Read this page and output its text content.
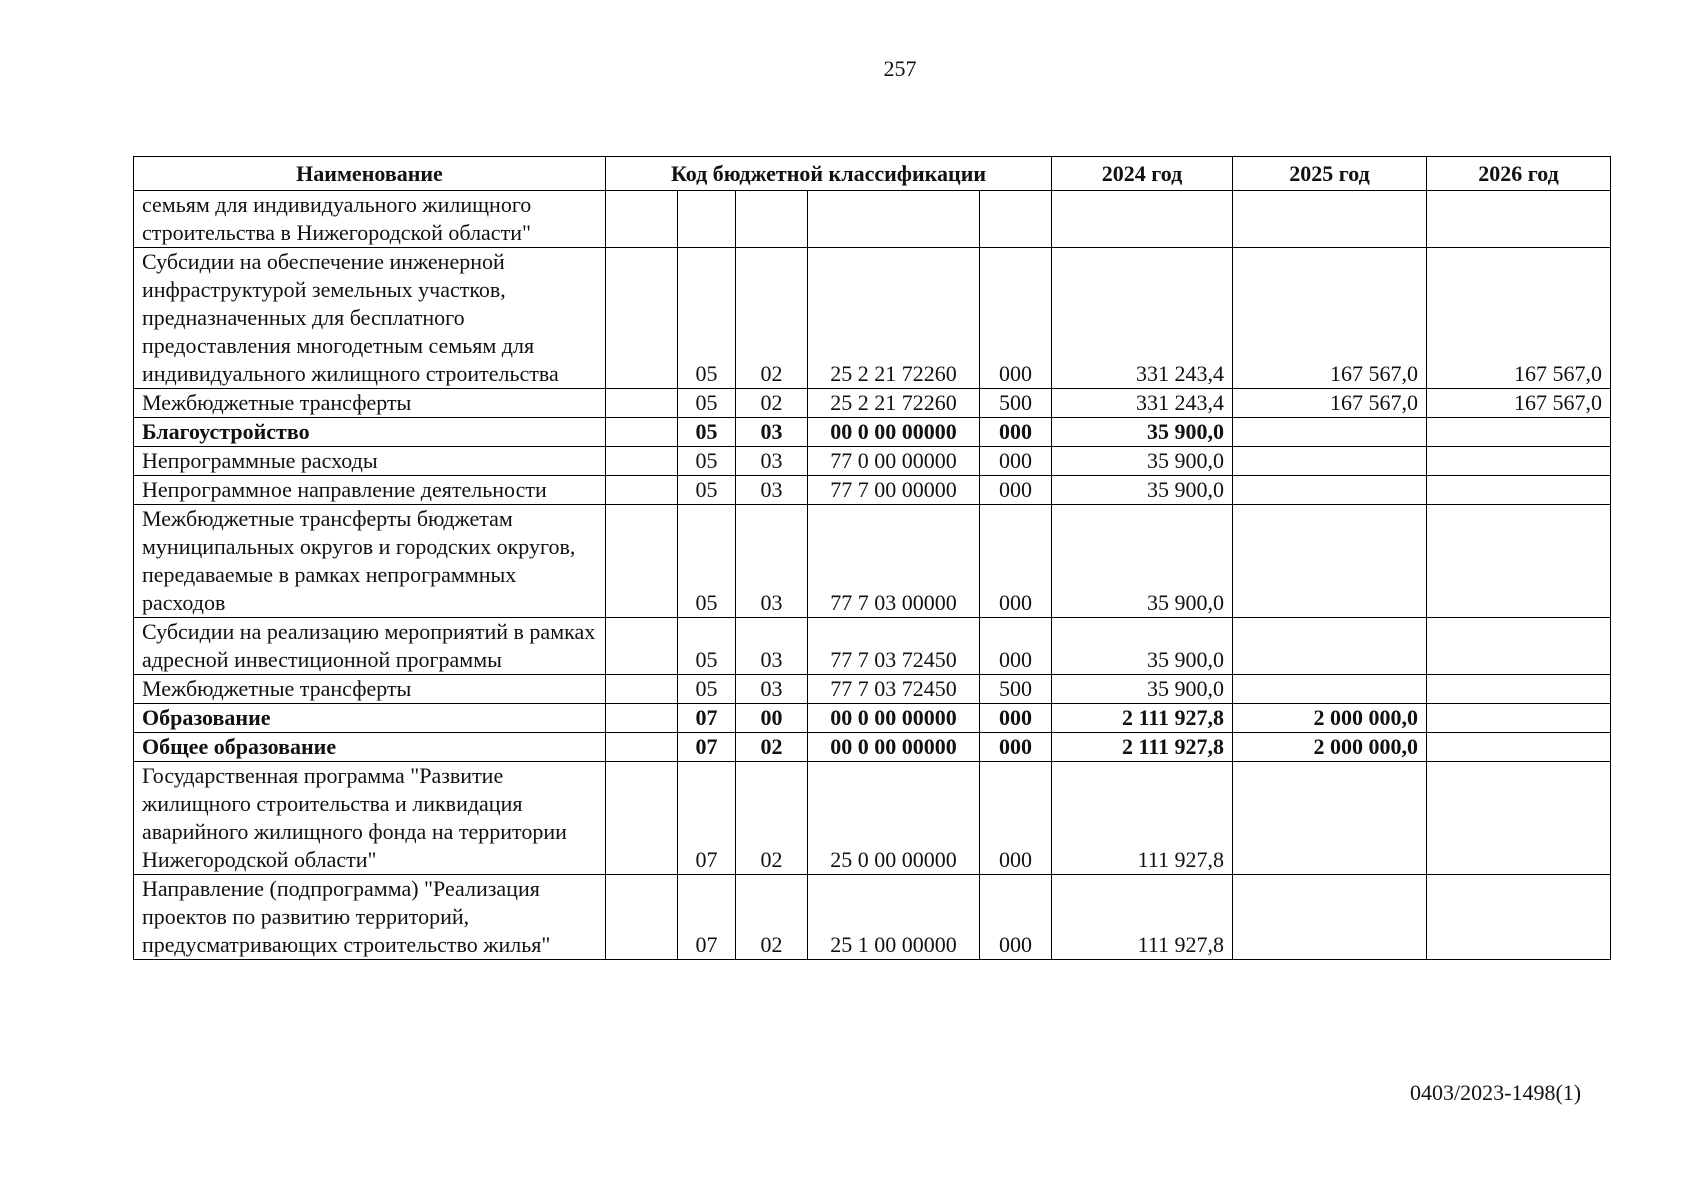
257
Наименование	Код бюджетной классификации					2024 год	2025 год	2026 год
семьям для индивидуального жилищного строительства в Нижегородской области"								
Субсидии на обеспечение инженерной инфраструктурой земельных участков, предназначенных для бесплатного предоставления многодетным семьям для индивидуального жилищного строительства		05	02	25 2 21 72260	000	331 243,4	167 567,0	167 567,0
Межбюджетные трансферты		05	02	25 2 21 72260	500	331 243,4	167 567,0	167 567,0
Благоустройство		05	03	00 0 00 00000	000	35 900,0		
Непрограммные расходы		05	03	77 0 00 00000	000	35 900,0		
Непрограммное направление деятельности		05	03	77 7 00 00000	000	35 900,0		
Межбюджетные трансферты бюджетам муниципальных округов и городских округов, передаваемые в рамках непрограммных расходов		05	03	77 7 03 00000	000	35 900,0		
Субсидии на реализацию мероприятий в рамках адресной инвестиционной программы		05	03	77 7 03 72450	000	35 900,0		
Межбюджетные трансферты		05	03	77 7 03 72450	500	35 900,0		
Образование		07	00	00 0 00 00000	000	2 111 927,8	2 000 000,0	
Общее образование		07	02	00 0 00 00000	000	2 111 927,8	2 000 000,0	
Государственная программа "Развитие жилищного строительства и ликвидация аварийного жилищного фонда на территории Нижегородской области"		07	02	25 0 00 00000	000	111 927,8		
Направление (подпрограмма) "Реализация проектов по развитию территорий, предусматривающих строительство жилья"		07	02	25 1 00 00000	000	111 927,8		
0403/2023-1498(1)
